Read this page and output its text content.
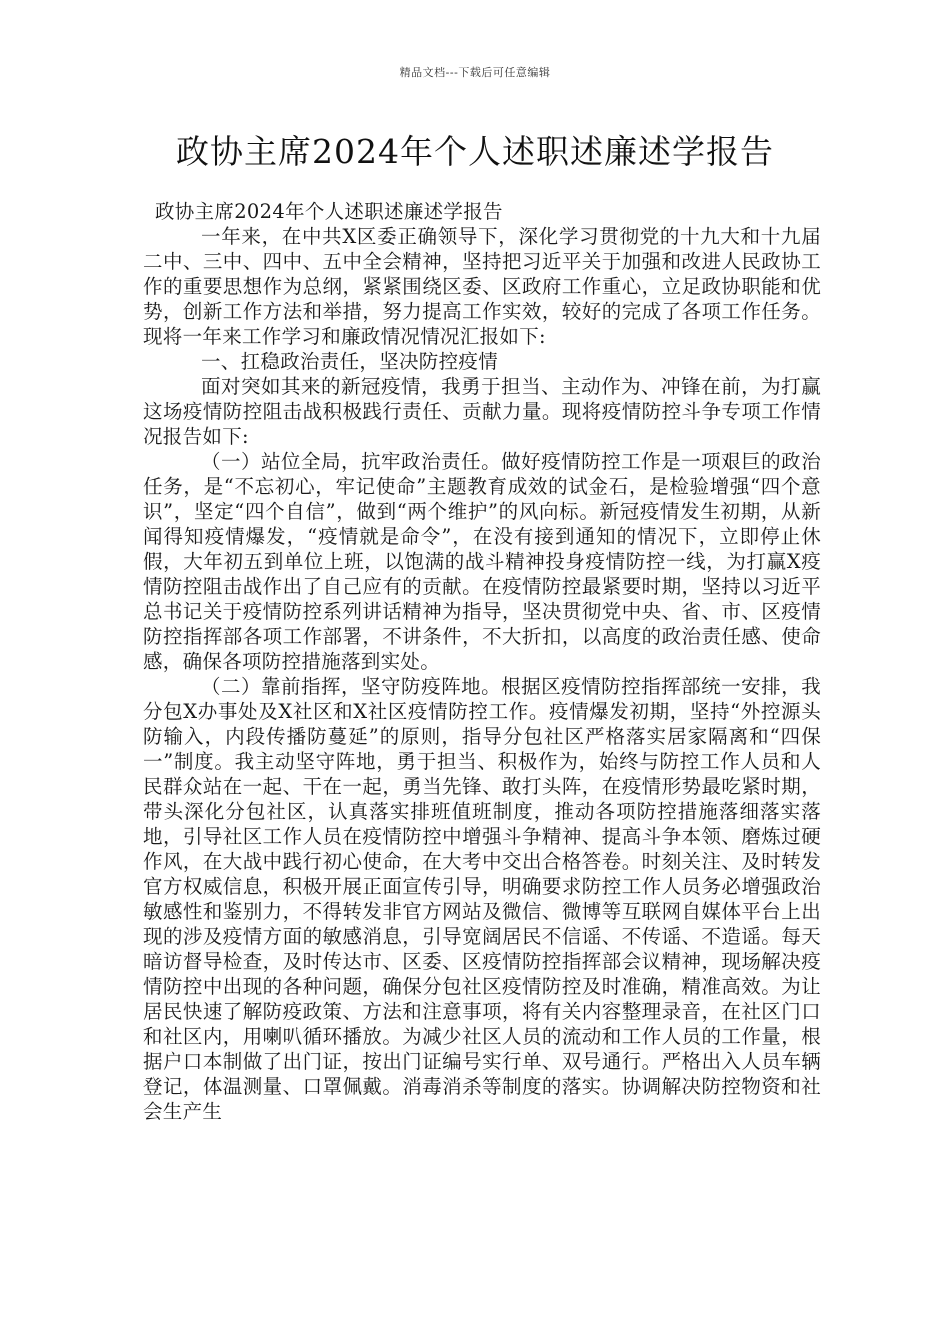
精品文档---下载后可任意编辑
政协主席2024年个人述职述廉述学报告

政协主席2024年个人述职述廉述学报告

一年来，在中共X区委正确领导下，深化学习贯彻党的十九大和十九届二中、三中、四中、五中全会精神，坚持把习近平关于加强和改进人民政协工作的重要思想作为总纲，紧紧围绕区委、区政府工作重心，立足政协职能和优势，创新工作方法和举措，努力提高工作实效，较好的完成了各项工作任务。现将一年来工作学习和廉政情况情况汇报如下:

一、扛稳政治责任，坚决防控疫情

面对突如其来的新冠疫情，我勇于担当、主动作为、冲锋在前，为打赢这场疫情防控阻击战积极践行责任、贡献力量。现将疫情防控斗争专项工作情况报告如下:

（一）站位全局，抗牢政治责任。做好疫情防控工作是一项艰巨的政治任务，是“不忘初心，牢记使命”主题教育成效的试金石，是检验增强“四个意识”，坚定“四个自信”，做到“两个维护”的风向标。新冠疫情发生初期，从新闻得知疫情爆发，“疫情就是命令”，在没有接到通知的情况下，立即停止休假，大年初五到单位上班，以饱满的战斗精神投身疫情防控一线，为打赢X疫情防控阻击战作出了自己应有的贡献。在疫情防控最紧要时期，坚持以习近平总书记关于疫情防控系列讲话精神为指导，坚决贯彻党中央、省、市、区疫情防控指挥部各项工作部署，不讲条件，不大折扣，以高度的政治责任感、使命感，确保各项防控措施落到实处。

（二）靠前指挥，坚守防疫阵地。根据区疫情防控指挥部统一安排，我分包X办事处及X社区和X社区疫情防控工作。疫情爆发初期，坚持“外控源头防输入，内段传播防蔓延”的原则，指导分包社区严格落实居家隔离和“四保一”制度。我主动坚守阵地，勇于担当、积极作为，始终与防控工作人员和人民群众站在一起、干在一起，勇当先锋、敢打头阵，在疫情形势最吃紧时期，带头深化分包社区，认真落实排班值班制度，推动各项防控措施落细落实落地，引导社区工作人员在疫情防控中增强斗争精神、提高斗争本领、磨炼过硬作风，在大战中践行初心使命，在大考中交出合格答卷。时刻关注、及时转发官方权威信息，积极开展正面宣传引导，明确要求防控工作人员务必增强政治敏感性和鉴别力，不得转发非官方网站及微信、微博等互联网自媒体平台上出现的涉及疫情方面的敏感消息，引导宽阔居民不信谣、不传谣、不造谣。每天暗访督导检查，及时传达市、区委、区疫情防控指挥部会议精神，现场解决疫情防控中出现的各种问题，确保分包社区疫情防控及时准确，精准高效。为让居民快速了解防疫政策、方法和注意事项，将有关内容整理录音，在社区门口和社区内，用喇叭循环播放。为减少社区人员的流动和工作人员的工作量，根据户口本制做了出门证，按出门证编号实行单、双号通行。严格出入人员车辆登记，体温测量、口罩佩戴。消毒消杀等制度的落实。协调解决防控物资和社会生产生
